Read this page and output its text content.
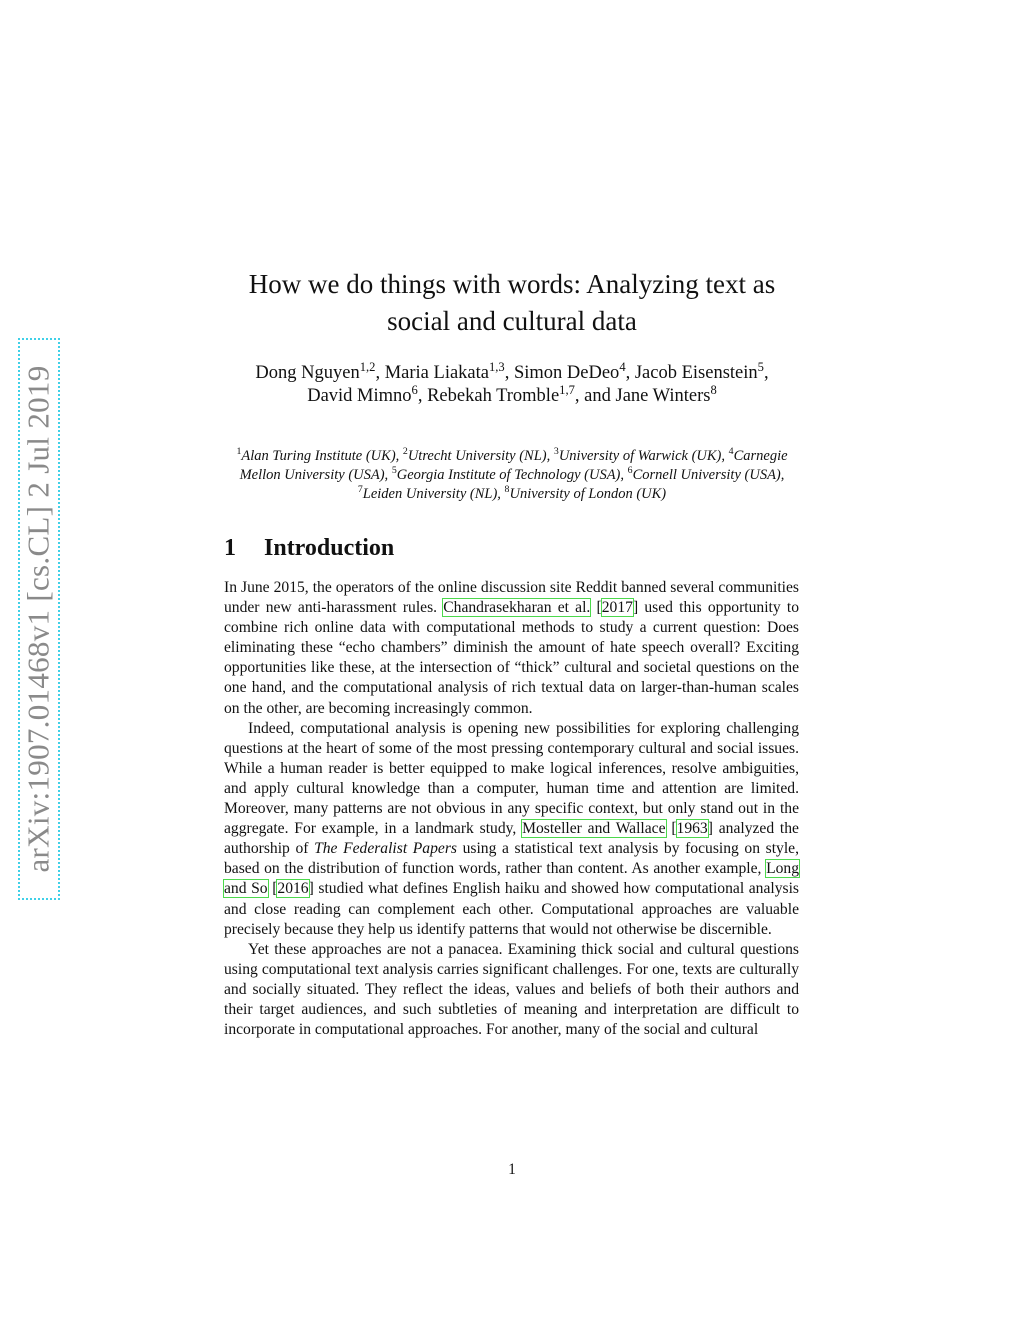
arXiv:1907.01468v1 [cs.CL] 2 Jul 2019
How we do things with words: Analyzing text as
social and cultural data
Dong Nguyen$^{1,2}$, Maria Liakata$^{1,3}$, Simon DeDeo$^4$, Jacob Eisenstein$^5$, David Mimno$^6$, Rebekah Tromble$^{1,7}$, and Jane Winters$^8$
$^1$Alan Turing Institute (UK), $^2$Utrecht University (NL), $^3$University of Warwick (UK), $^4$Carnegie Mellon University (USA), $^5$Georgia Institute of Technology (USA), $^6$Cornell University (USA), $^7$Leiden University (NL), $^8$University of London (UK)
1 Introduction

In June 2015, the operators of the online discussion site Reddit banned several communities under new anti-harassment rules. Chandrasekharan et al. [2017] used this opportunity to combine rich online data with computational methods to study a current question: Does eliminating these “echo chambers” diminish the amount of hate speech overall? Exciting opportunities like these, at the intersection of “thick” cultural and societal questions on the one hand, and the computational analysis of rich textual data on larger-than-human scales on the other, are becoming increasingly common.

Indeed, computational analysis is opening new possibilities for exploring challenging questions at the heart of some of the most pressing contemporary cultural and social issues. While a human reader is better equipped to make logical inferences, resolve ambiguities, and apply cultural knowledge than a computer, human time and attention are limited. Moreover, many patterns are not obvious in any specific context, but only stand out in the aggregate. For example, in a landmark study, Mosteller and Wallace [1963] analyzed the authorship of The Federalist Papers using a statistical text analysis by focusing on style, based on the distribution of function words, rather than content. As another example, Long and So [2016] studied what defines English haiku and showed how computational analysis and close reading can complement each other. Computational approaches are valuable precisely because they help us identify patterns that would not otherwise be discernible.

Yet these approaches are not a panacea. Examining thick social and cultural questions using computational text analysis carries significant challenges. For one, texts are culturally and socially situated. They reflect the ideas, values and beliefs of both their authors and their target audiences, and such subtleties of meaning and interpretation are difficult to incorporate in computational approaches. For another, many of the social and cultural

1
